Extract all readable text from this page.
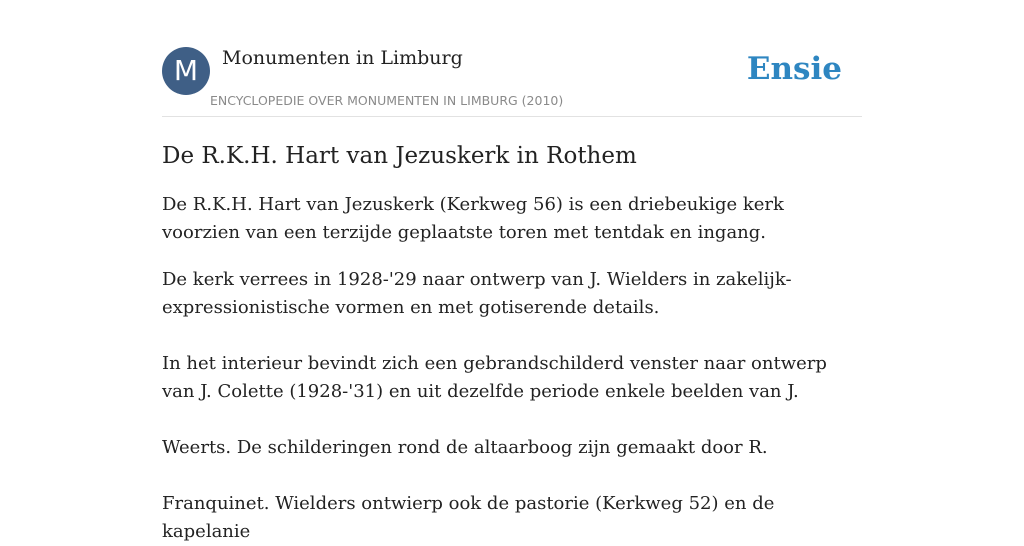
M	Monumenten in Limburg
ENCYCLOPEDIE OVER MONUMENTEN IN LIMBURG (2010)
Ensie
De R.K.H. Hart van Jezuskerk in Rothem

De R.K.H. Hart van Jezuskerk (Kerkweg 56) is een driebeukige kerk voorzien van een terzijde geplaatste toren met tentdak en ingang.

De kerk verrees in 1928-'29 naar ontwerp van J. Wielders in zakelijk-expressionistische vormen en met gotiserende details.

In het interieur bevindt zich een gebrandschilderd venster naar ontwerp van J. Colette (1928-'31) en uit dezelfde periode enkele beelden van J.

Weerts. De schilderingen rond de altaarboog zijn gemaakt door R.

Franquinet. Wielders ontwierp ook de pastorie (Kerkweg 52) en de kapelanie
